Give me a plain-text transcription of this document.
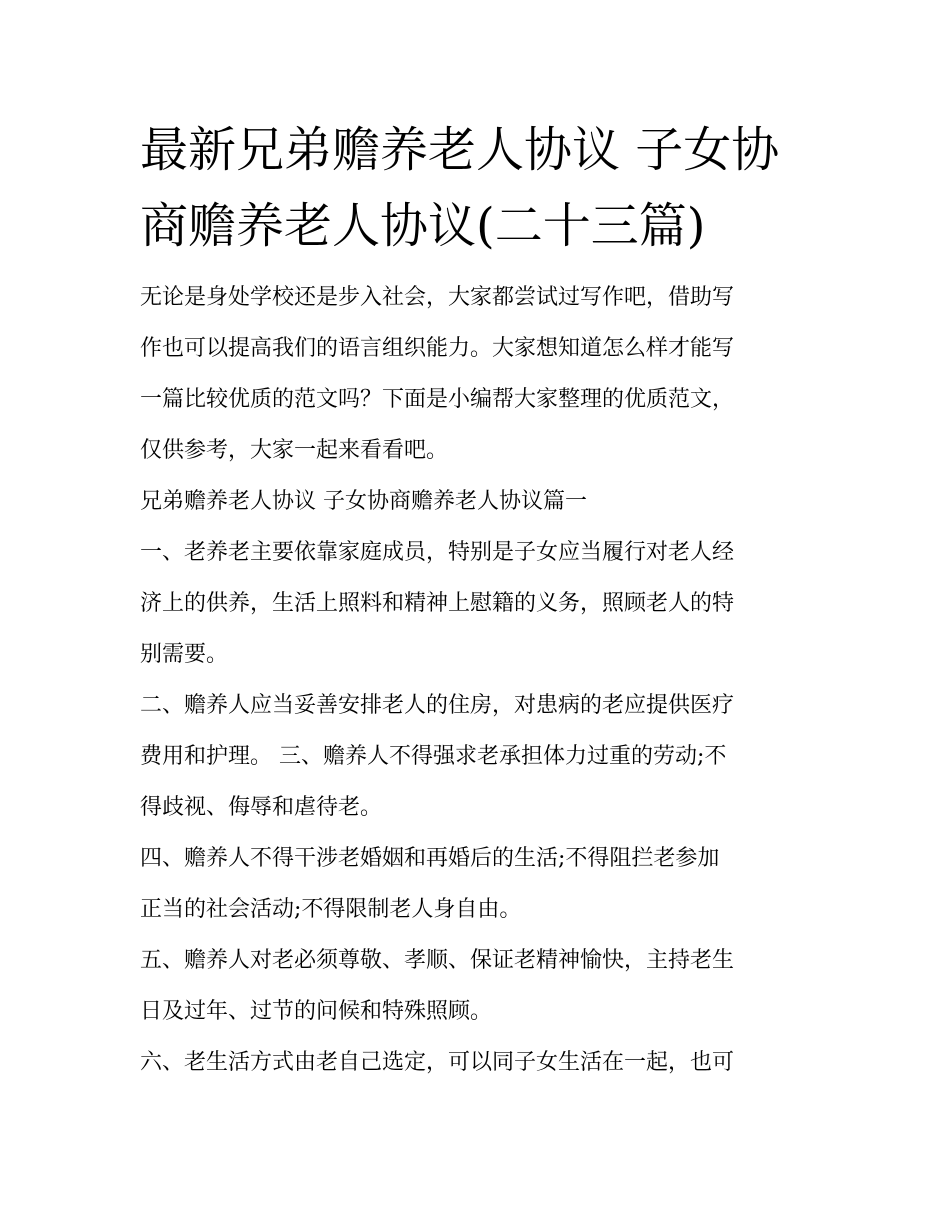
最新兄弟赡养老人协议 子女协
商赡养老人协议(二十三篇)

无论是身处学校还是步入社会，大家都尝试过写作吧，借助写
作也可以提高我们的语言组织能力。大家想知道怎么样才能写
一篇比较优质的范文吗？下面是小编帮大家整理的优质范文，
仅供参考，大家一起来看看吧。

兄弟赡养老人协议 子女协商赡养老人协议篇一

一、老养老主要依靠家庭成员，特别是子女应当履行对老人经
济上的供养，生活上照料和精神上慰籍的义务，照顾老人的特
别需要。

二、赡养人应当妥善安排老人的住房，对患病的老应提供医疗
费用和护理。 三、赡养人不得强求老承担体力过重的劳动;不
得歧视、侮辱和虐待老。

四、赡养人不得干涉老婚姻和再婚后的生活;不得阻拦老参加
正当的社会活动;不得限制老人身自由。

五、赡养人对老必须尊敬、孝顺、保证老精神愉快，主持老生
日及过年、过节的问候和特殊照顾。

六、老生活方式由老自己选定，可以同子女生活在一起，也可
